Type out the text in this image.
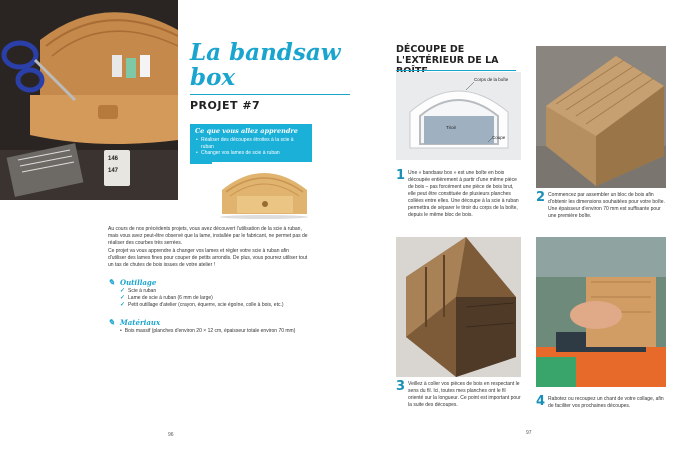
146
147
La bandsaw box
PROJET #7
Ce que vous allez apprendre
• Réaliser des découpes étroites à la scie à ruban
• Changer vos lames de scie à ruban

Au cours de nos précédents projets, vous avez découvert l'utilisation de la scie à ruban, mais vous avez peut-être observé que la lame, installée par le fabricant, ne permet pas de réaliser des courbes très serrées.

Ce projet va vous apprendre à changer vos lames et régler votre scie à ruban afin d'utiliser des lames fines pour couper de petits arrondis. De plus, vous pourrez utiliser tout un tas de chutes de bois issues de votre atelier !

✎ Outillage
✓ Scie à ruban
✓ Lame de scie à ruban (6 mm de large)
✓ Petit outillage d'atelier (crayon, équerre, scie égoïne, colle à bois, etc.)
✎ Matériaux
• Bois massif (planches d'environ 20 × 12 cm, épaisseur totale environ 70 mm)
96
DÉCOUPE DE L'EXTÉRIEUR DE LA
Corps de la boîte
Tiroir
Coupe
1 Une « bandsaw box » est une boîte en bois découpée entièrement à partir d'une même pièce de bois – pas forcément une pièce de bois brut, elle peut être constituée de plusieurs planches collées entre elles. Une découpe à la scie à ruban permettra de séparer le tiroir du corps de la boîte, depuis le même bloc de bois.
2 Commencez par assembler un bloc de bois afin d'obtenir les dimensions souhaitées pour votre boîte. Une épaisseur d'environ 70 mm est suffisante pour une première boîte.
3 Veillez à coller vos pièces de bois en respectant le sens du fil. Ici, toutes mes planches ont le fil orienté sur la longueur. Ce point est important pour la suite des découpes.	4 Rabotez ou recoupez un chant de votre collage, afin de faciliter vos prochaines découpes.
97
